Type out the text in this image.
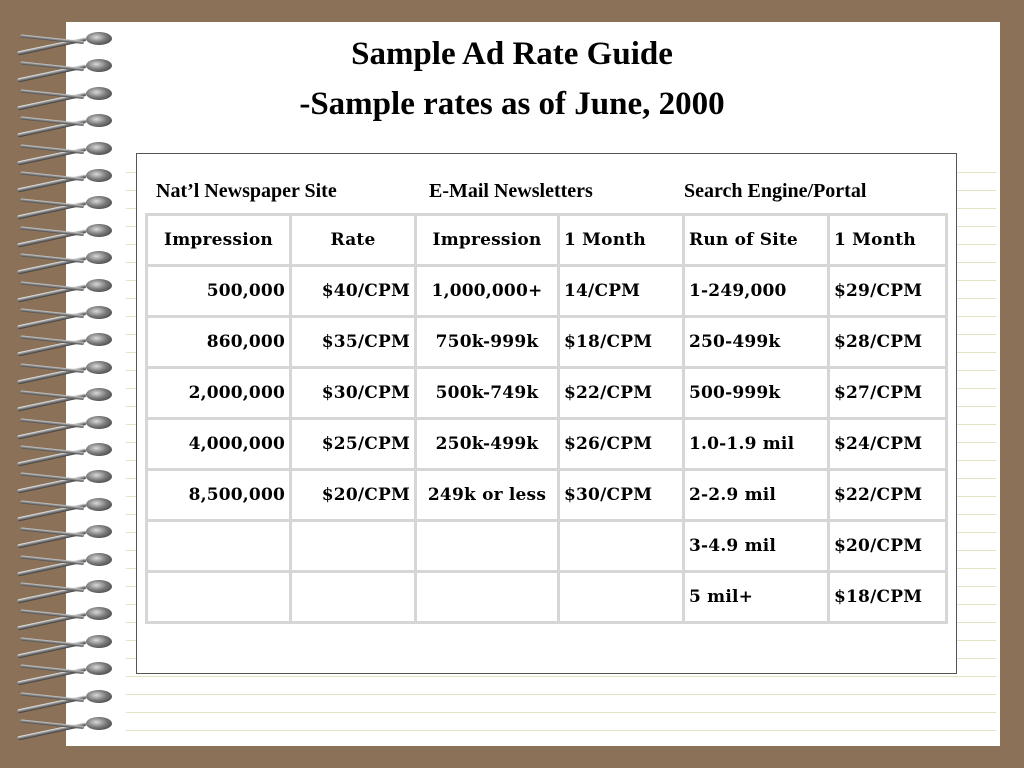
Sample Ad Rate Guide
-Sample rates as of June, 2000
Nat’l Newspaper Site	E-Mail Newsletters	Search Engine/Portal
Impression	Rate	Impression	1 Month	Run of Site	1 Month
500,000	$40/CPM	1,000,000+	14/CPM	1-249,000	$29/CPM
860,000	$35/CPM	750k-999k	$18/CPM	250-499k	$28/CPM
2,000,000	$30/CPM	500k-749k	$22/CPM	500-999k	$27/CPM
4,000,000	$25/CPM	250k-499k	$26/CPM	1.0-1.9 mil	$24/CPM
8,500,000	$20/CPM	249k or less	$30/CPM	2-2.9 mil	$22/CPM
				3-4.9 mil	$20/CPM
				5 mil+	$18/CPM
